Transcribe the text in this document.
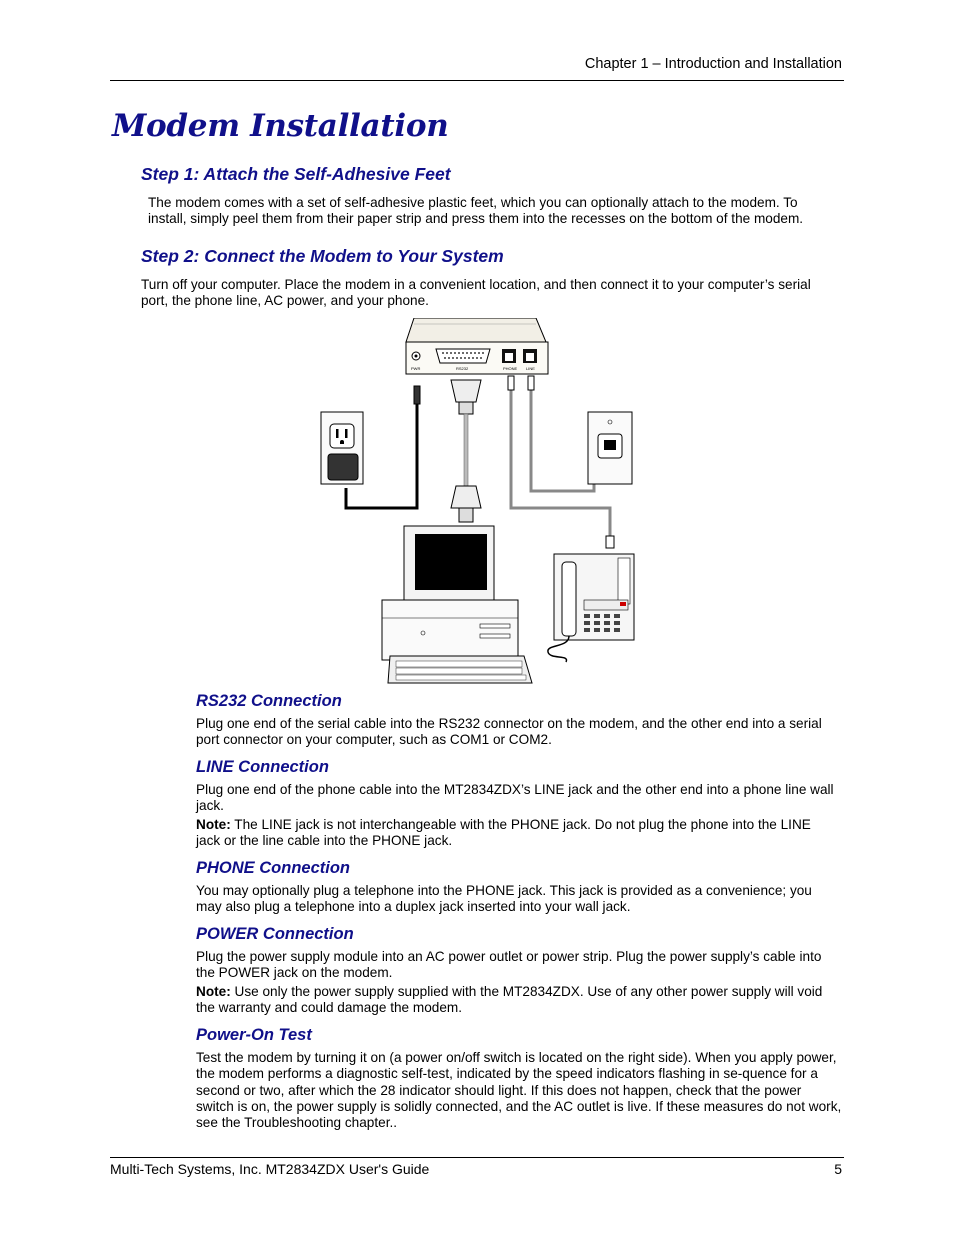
Chapter 1 – Introduction and Installation
Modem Installation
Step 1: Attach the Self-Adhesive Feet

The modem comes with a set of self-adhesive plastic feet, which you can optionally attach to the modem. To install, simply peel them from their paper strip and press them into the recesses on the bottom of the modem.

Step 2: Connect the Modem to Your System

Turn off your computer. Place the modem in a convenient location, and then connect it to your computer’s serial port, the phone line, AC power, and your phone.

PWR	RS232	PHONE LINE
RS232 Connection

Plug one end of the serial cable into the RS232 connector on the modem, and the other end into a serial port connector on your computer, such as COM1 or COM2.

LINE Connection

Plug one end of the phone cable into the MT2834ZDX’s LINE jack and the other end into a phone line wall jack.

Note: The LINE jack is not interchangeable with the PHONE jack. Do not plug the phone into the LINE jack or the line cable into the PHONE jack.

PHONE Connection

You may optionally plug a telephone into the PHONE jack. This jack is provided as a convenience; you may also plug a telephone into a duplex jack inserted into your wall jack.

POWER Connection

Plug the power supply module into an AC power outlet or power strip. Plug the power supply’s cable into the POWER jack on the modem.

Note: Use only the power supply supplied with the MT2834ZDX. Use of any other power supply will void the warranty and could damage the modem.

Power-On Test

Test the modem by turning it on (a power on/off switch is located on the right side). When you apply power, the modem performs a diagnostic self-test, indicated by the speed indicators flashing in se-quence for a second or two, after which the 28 indicator should light. If this does not happen, check that the power switch is on, the power supply is solidly connected, and the AC outlet is live. If these measures do not work, see the Troubleshooting chapter..

Multi-Tech Systems, Inc. MT2834ZDX User's Guide	5
